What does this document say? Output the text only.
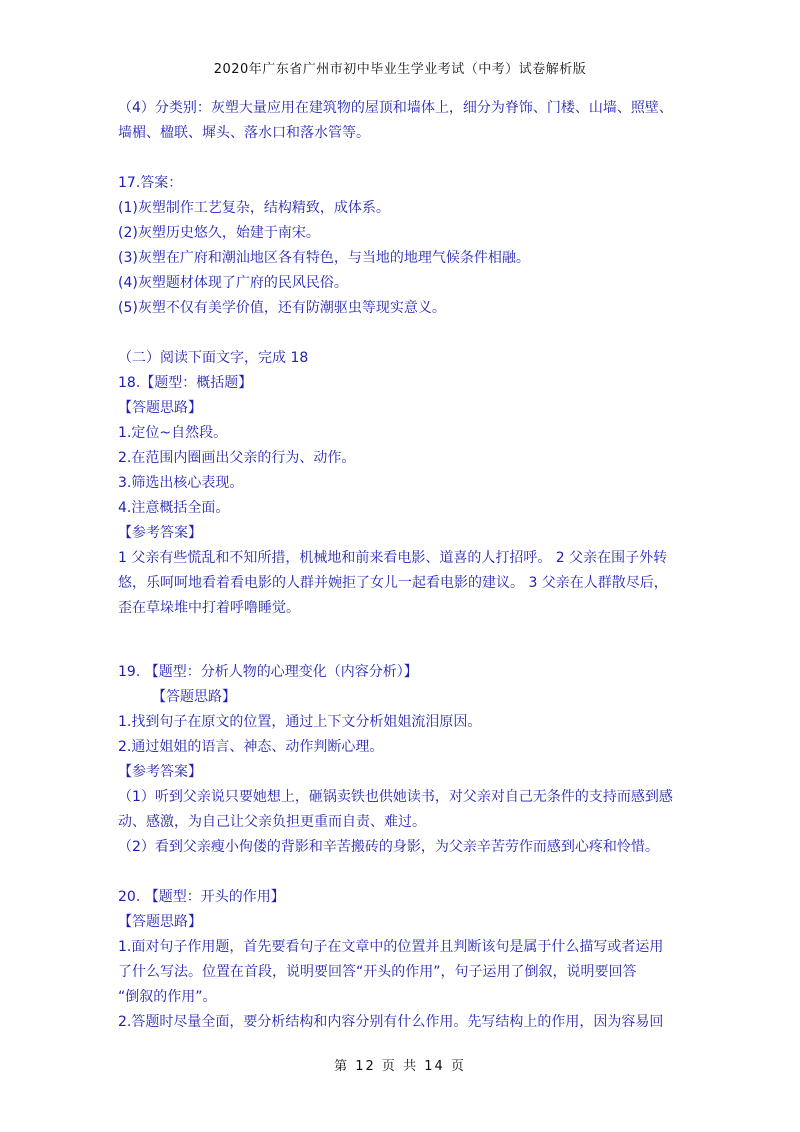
2020年广东省广州市初中毕业生学业考试（中考）试卷解析版

（4）分类别：灰塑大量应用在建筑物的屋顶和墙体上，细分为脊饰、门楼、山墙、照壁、

墙楣、楹联、墀头、落水口和落水管等。

17.答案：

(1)灰塑制作工艺复杂，结构精致，成体系。

(2)灰塑历史悠久，始建于南宋。

(3)灰塑在广府和潮汕地区各有特色，与当地的地理气候条件相融。

(4)灰塑题材体现了广府的民风民俗。

(5)灰塑不仅有美学价值，还有防潮驱虫等现实意义。

（二）阅读下面文字，完成 18

18.【题型：概括题】

【答题思路】

1.定位~自然段。

2.在范围内圈画出父亲的行为、动作。

3.筛选出核心表现。

4.注意概括全面。

【参考答案】

1 父亲有些慌乱和不知所措，机械地和前来看电影、道喜的人打招呼。 2 父亲在围子外转

悠，乐呵呵地看着看电影的人群并婉拒了女儿一起看电影的建议。 3 父亲在人群散尽后，

歪在草垛堆中打着呼噜睡觉。

19. 【题型：分析人物的心理变化（内容分析）】

【答题思路】

1.找到句子在原文的位置，通过上下文分析姐姐流泪原因。

2.通过姐姐的语言、神态、动作判断心理。

【参考答案】

（1）听到父亲说只要她想上，砸锅卖铁也供她读书，对父亲对自己无条件的支持而感到感

动、感激，为自己让父亲负担更重而自责、难过。

（2）看到父亲瘦小佝偻的背影和辛苦搬砖的身影，为父亲辛苦劳作而感到心疼和怜惜。

20. 【题型：开头的作用】

【答题思路】

1.面对句子作用题，首先要看句子在文章中的位置并且判断该句是属于什么描写或者运用

了什么写法。位置在首段，说明要回答“开头的作用”，句子运用了倒叙，说明要回答

“倒叙的作用”。

2.答题时尽量全面，要分析结构和内容分别有什么作用。先写结构上的作用，因为容易回

第 12 页 共 14 页
